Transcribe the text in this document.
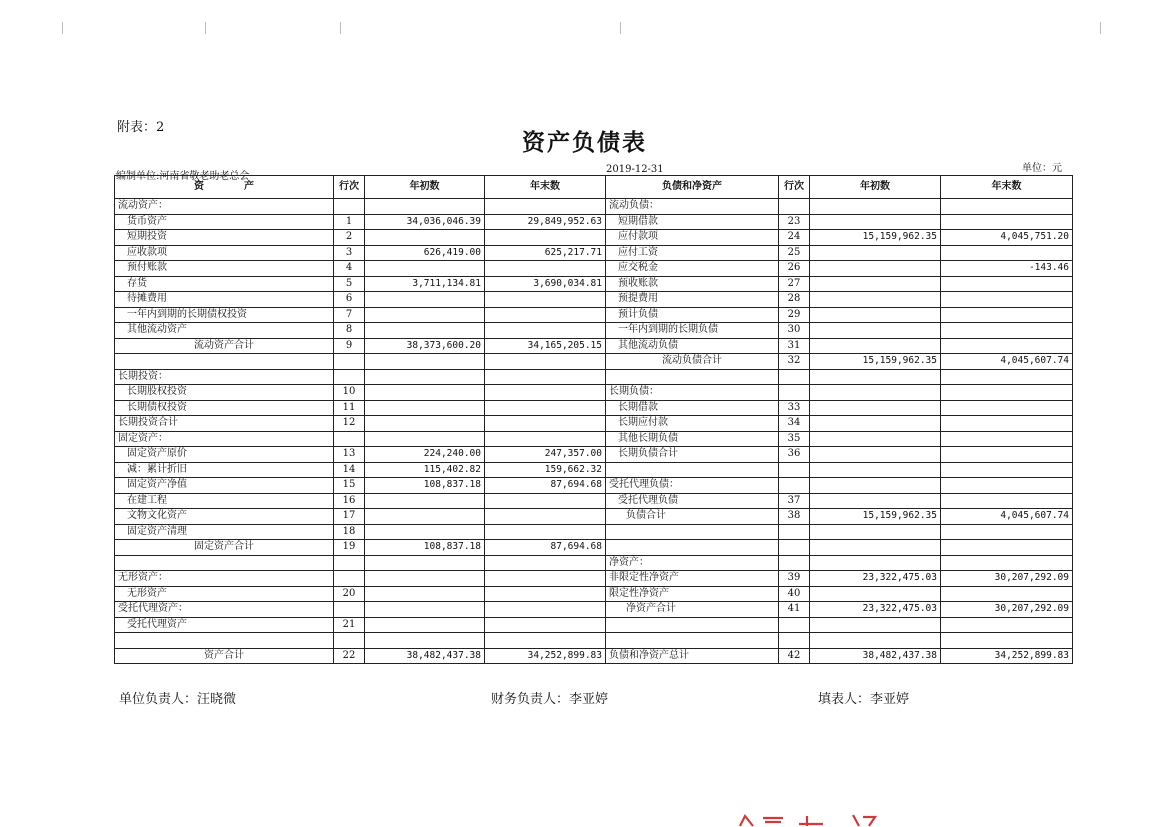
附表：2
资产负债表
编制单位:河南省敬老助老总会
2019-12-31	单位：元
资　　　　产	行次	年初数	年末数	负债和净资产	行次	年初数	年末数
流动资产：				流动负债：			
货币资产	1	34,036,046.39	29,849,952.63	短期借款	23		
短期投资	2			应付款项	24	15,159,962.35	4,045,751.20
应收款项	3	626,419.00	625,217.71	应付工资	25		
预付账款	4			应交税金	26		-143.46
存货	5	3,711,134.81	3,690,034.81	预收账款	27		
待摊费用	6			预提费用	28		
一年内到期的长期债权投资	7			预计负债	29		
其他流动资产	8			一年内到期的长期负债	30		
流动资产合计	9	38,373,600.20	34,165,205.15	其他流动负债	31		
				流动负债合计	32	15,159,962.35	4,045,607.74
长期投资：							
长期股权投资	10			长期负债：			
长期债权投资	11			长期借款	33		
长期投资合计	12			长期应付款	34		
固定资产：				其他长期负债	35		
固定资产原价	13	224,240.00	247,357.00	长期负债合计	36		
减：累计折旧	14	115,402.82	159,662.32				
固定资产净值	15	108,837.18	87,694.68	受托代理负债：			
在建工程	16			受托代理负债	37		
文物文化资产	17			负债合计	38	15,159,962.35	4,045,607.74
固定资产清理	18						
固定资产合计	19	108,837.18	87,694.68				
				净资产：			
无形资产：				非限定性净资产	39	23,322,475.03	30,207,292.09
无形资产	20			限定性净资产	40		
受托代理资产：				净资产合计	41	23,322,475.03	30,207,292.09
受托代理资产	21						

资产合计	22	38,482,437.38	34,252,899.83	负债和净资产总计	42	38,482,437.38	34,252,899.83
单位负责人：汪晓微	财务负责人：李亚婷	填表人：李亚婷
